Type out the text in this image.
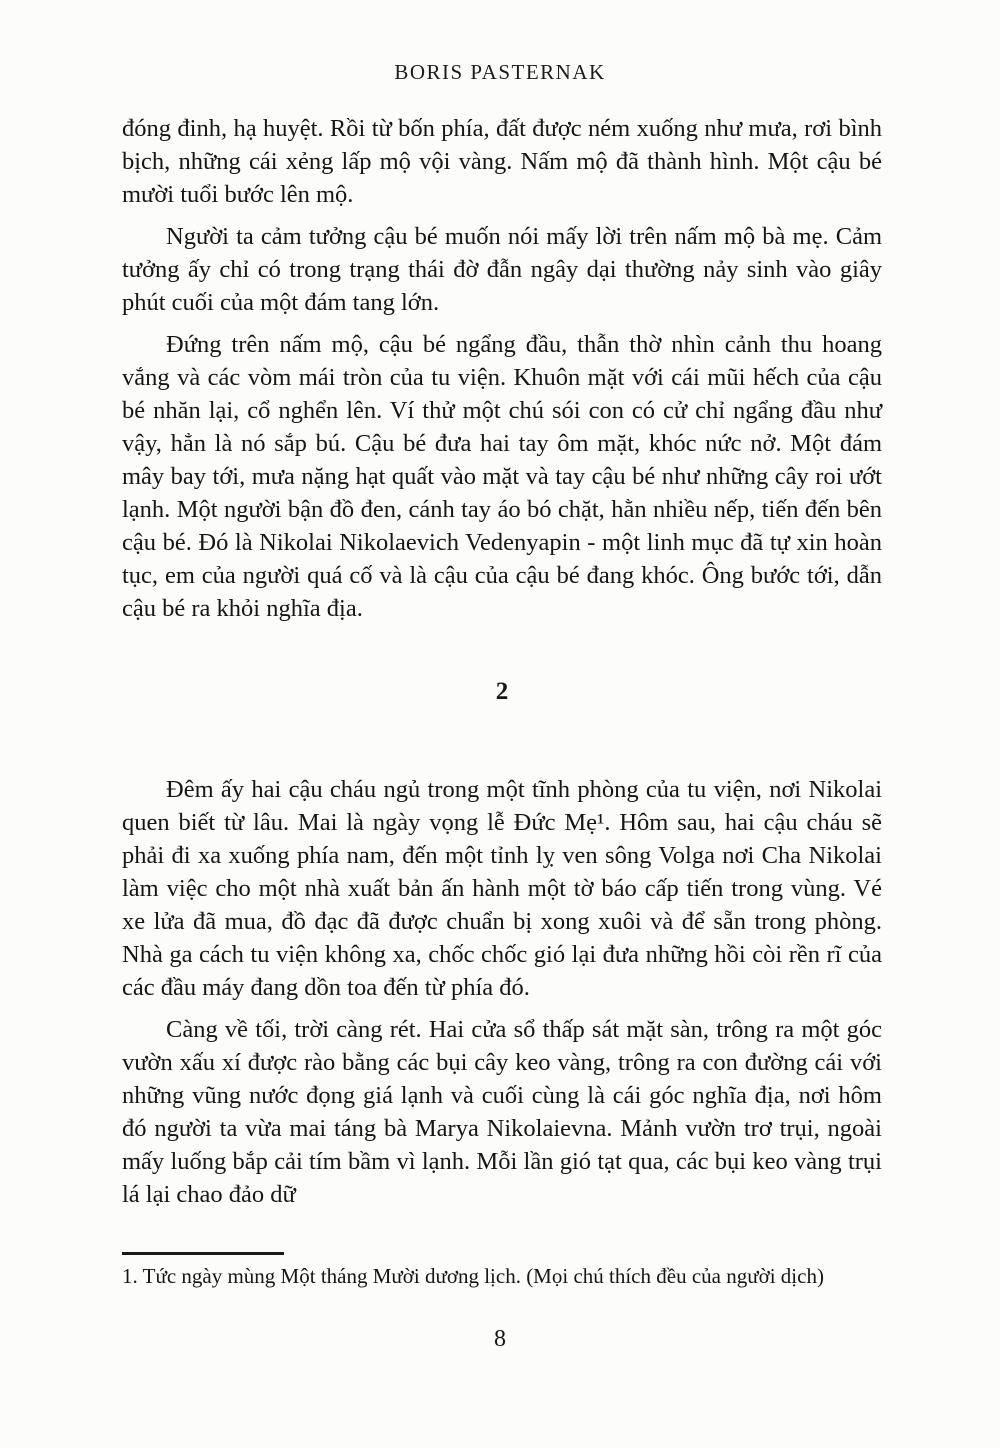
BORIS PASTERNAK

đóng đinh, hạ huyệt. Rồi từ bốn phía, đất được ném xuống như mưa, rơi bình bịch, những cái xẻng lấp mộ vội vàng. Nấm mộ đã thành hình. Một cậu bé mười tuổi bước lên mộ.

Người ta cảm tưởng cậu bé muốn nói mấy lời trên nấm mộ bà mẹ. Cảm tưởng ấy chỉ có trong trạng thái đờ đẫn ngây dại thường nảy sinh vào giây phút cuối của một đám tang lớn.

Đứng trên nấm mộ, cậu bé ngẩng đầu, thẫn thờ nhìn cảnh thu hoang vắng và các vòm mái tròn của tu viện. Khuôn mặt với cái mũi hếch của cậu bé nhăn lại, cổ nghển lên. Ví thử một chú sói con có cử chỉ ngẩng đầu như vậy, hẳn là nó sắp bú. Cậu bé đưa hai tay ôm mặt, khóc nức nở. Một đám mây bay tới, mưa nặng hạt quất vào mặt và tay cậu bé như những cây roi ướt lạnh. Một người bận đồ đen, cánh tay áo bó chặt, hằn nhiều nếp, tiến đến bên cậu bé. Đó là Nikolai Nikolaevich Vedenyapin - một linh mục đã tự xin hoàn tục, em của người quá cố và là cậu của cậu bé đang khóc. Ông bước tới, dẫn cậu bé ra khỏi nghĩa địa.

2

Đêm ấy hai cậu cháu ngủ trong một tĩnh phòng của tu viện, nơi Nikolai quen biết từ lâu. Mai là ngày vọng lễ Đức Mẹ¹. Hôm sau, hai cậu cháu sẽ phải đi xa xuống phía nam, đến một tỉnh lỵ ven sông Volga nơi Cha Nikolai làm việc cho một nhà xuất bản ấn hành một tờ báo cấp tiến trong vùng. Vé xe lửa đã mua, đồ đạc đã được chuẩn bị xong xuôi và để sẵn trong phòng. Nhà ga cách tu viện không xa, chốc chốc gió lại đưa những hồi còi rền rĩ của các đầu máy đang dồn toa đến từ phía đó.

Càng về tối, trời càng rét. Hai cửa sổ thấp sát mặt sàn, trông ra một góc vườn xấu xí được rào bằng các bụi cây keo vàng, trông ra con đường cái với những vũng nước đọng giá lạnh và cuối cùng là cái góc nghĩa địa, nơi hôm đó người ta vừa mai táng bà Marya Nikolaievna. Mảnh vườn trơ trụi, ngoài mấy luống bắp cải tím bầm vì lạnh. Mỗi lần gió tạt qua, các bụi keo vàng trụi lá lại chao đảo dữ

1. Tức ngày mùng Một tháng Mười dương lịch. (Mọi chú thích đều của người dịch)
8
